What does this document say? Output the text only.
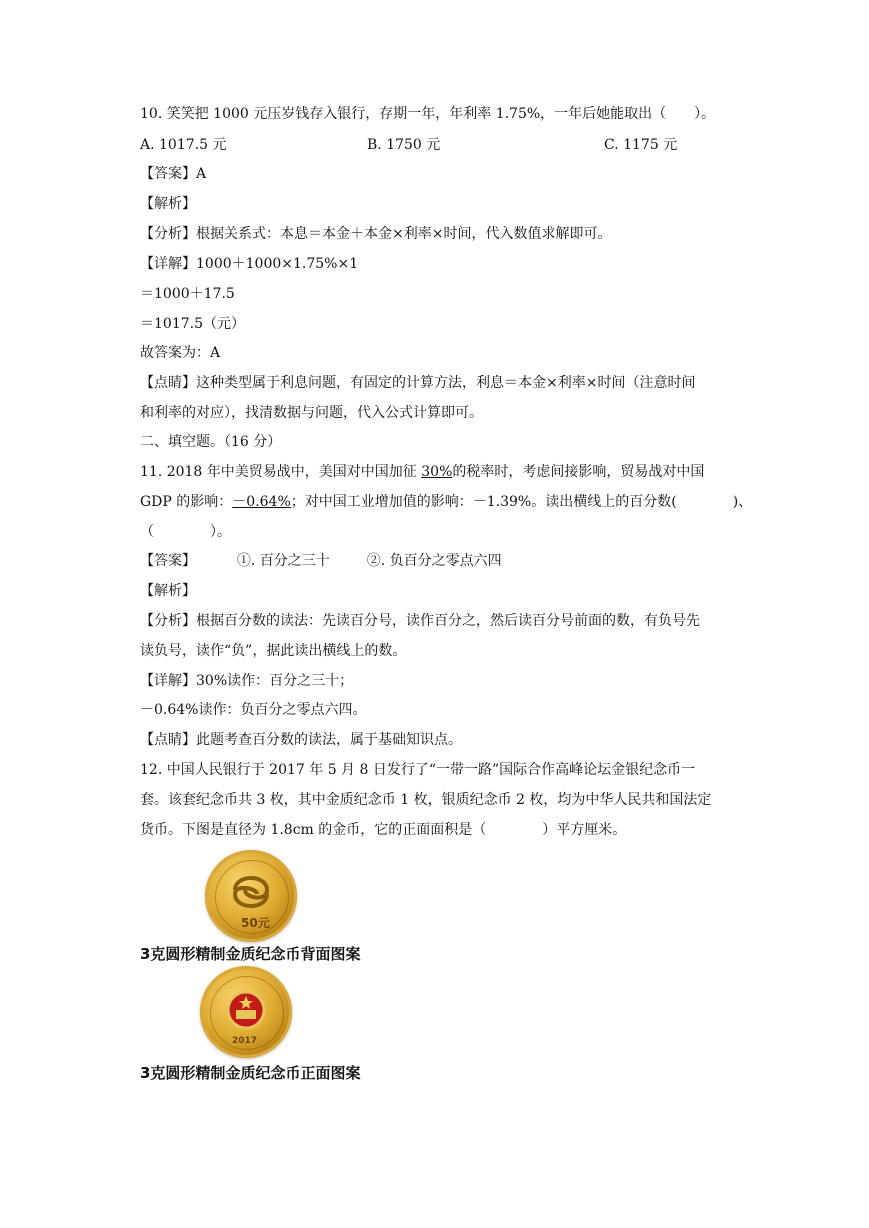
10. 笑笑把 1000 元压岁钱存入银行，存期一年，年利率 1.75%，一年后她能取出（　　）。
A. 1017.5 元	B. 1750 元	C. 1175 元
【答案】A
【解析】
【分析】根据关系式：本息＝本金＋本金×利率×时间，代入数值求解即可。
【详解】1000＋1000×1.75%×1
＝1000＋17.5
＝1017.5（元）
故答案为：A
【点睛】这种类型属于利息问题，有固定的计算方法，利息＝本金×利率×时间（注意时间
和利率的对应），找清数据与问题，代入公式计算即可。
二、填空题。（16 分）
11. 2018 年中美贸易战中，美国对中国加征 30%的税率时，考虑间接影响，贸易战对中国
GDP 的影响：－0.64%；对中国工业增加值的影响：－1.39%。读出横线上的百分数(　　　　)、
（　　　　）。
【答案】	①. 百分之三十	②. 负百分之零点六四
【解析】
【分析】根据百分数的读法：先读百分号，读作百分之，然后读百分号前面的数，有负号先
读负号，读作“负”，据此读出横线上的数。
【详解】30%读作：百分之三十；
－0.64%读作：负百分之零点六四。
【点睛】此题考查百分数的读法，属于基础知识点。
12. 中国人民银行于 2017 年 5 月 8 日发行了“一带一路”国际合作高峰论坛金银纪念币一
套。该套纪念币共 3 枚，其中金质纪念币 1 枚，银质纪念币 2 枚，均为中华人民共和国法定
货币。下图是直径为 1.8cm 的金币，它的正面面积是（　　　　）平方厘米。
50元
3克圆形精制金质纪念币背面图案
2017
3克圆形精制金质纪念币正面图案
